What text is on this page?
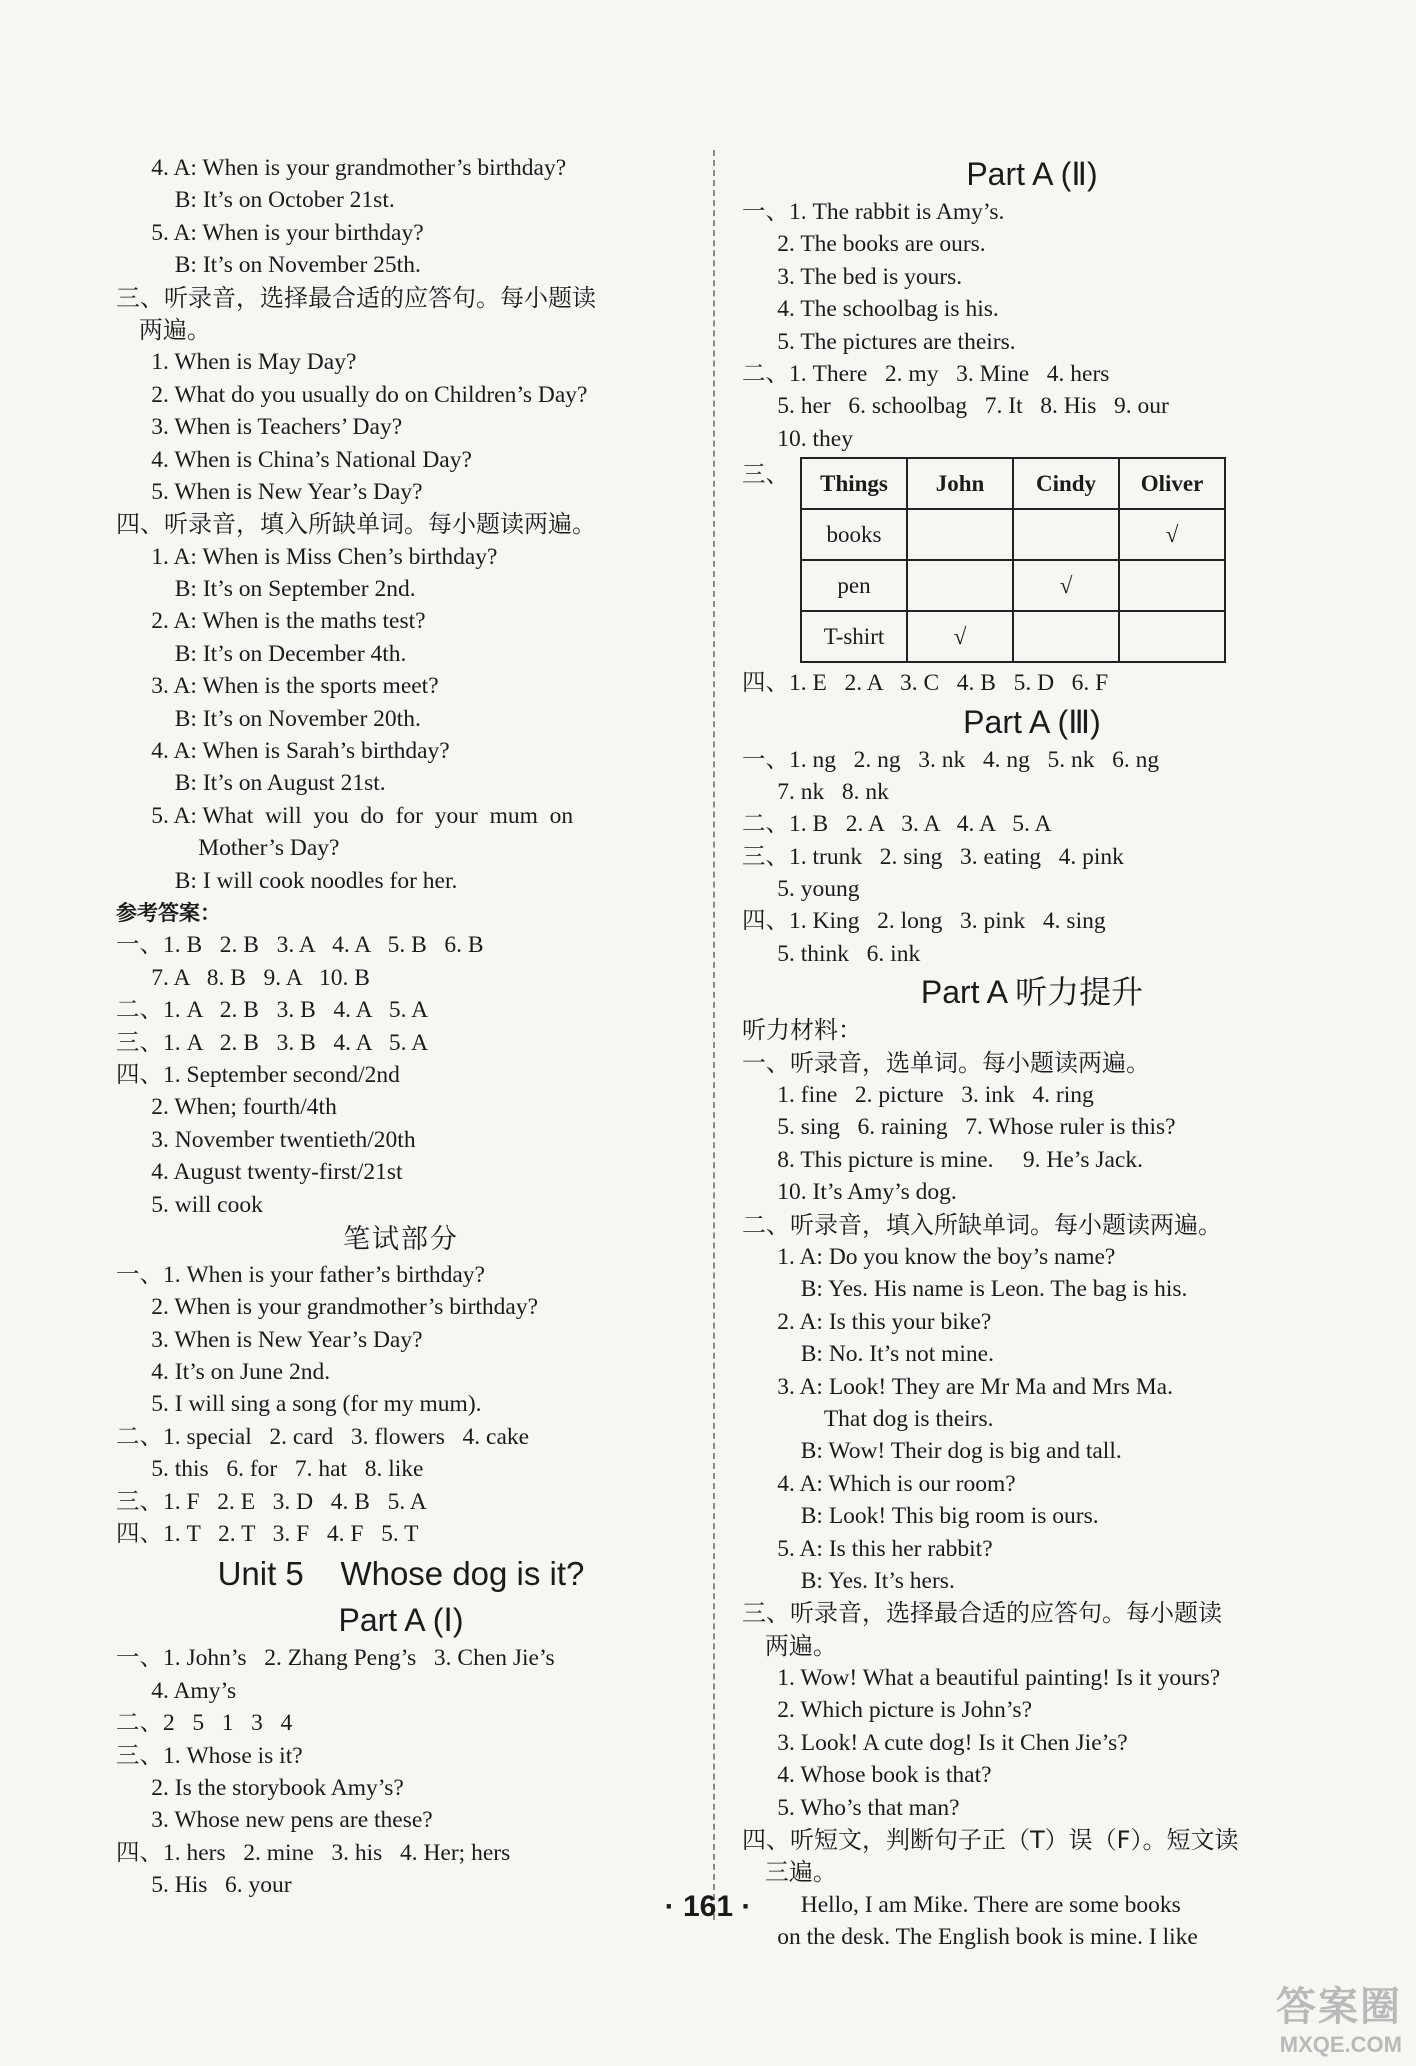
4. A: When is your grandmother’s birthday?
B: It’s on October 21st.
5. A: When is your birthday?
B: It’s on November 25th.
三、听录音，选择最合适的应答句。每小题读
两遍。
1. When is May Day?
2. What do you usually do on Children’s Day?
3. When is Teachers’ Day?
4. When is China’s National Day?
5. When is New Year’s Day?
四、听录音，填入所缺单词。每小题读两遍。
1. A: When is Miss Chen’s birthday?
B: It’s on September 2nd.
2. A: When is the maths test?
B: It’s on December 4th.
3. A: When is the sports meet?
B: It’s on November 20th.
4. A: When is Sarah’s birthday?
B: It’s on August 21st.
5. A: What  will  you  do  for  your  mum  on
Mother’s Day?
B: I will cook noodles for her.
参考答案：
一、1. B   2. B   3. A   4. A   5. B   6. B
7. A   8. B   9. A   10. B
二、1. A   2. B   3. B   4. A   5. A
三、1. A   2. B   3. B   4. A   5. A
四、1. September second/2nd
2. When; fourth/4th
3. November twentieth/20th
4. August twenty-first/21st
5. will cook
笔试部分
一、1. When is your father’s birthday?
2. When is your grandmother’s birthday?
3. When is New Year’s Day?
4. It’s on June 2nd.
5. I will sing a song (for my mum).
二、1. special   2. card   3. flowers   4. cake
5. this   6. for   7. hat   8. like
三、1. F   2. E   3. D   4. B   5. A
四、1. T   2. T   3. F   4. F   5. T
Unit 5    Whose dog is it?
Part A (Ⅰ)
一、1. John’s   2. Zhang Peng’s   3. Chen Jie’s
4. Amy’s
二、2   5   1   3   4
三、1. Whose is it?
2. Is the storybook Amy’s?
3. Whose new pens are these?
四、1. hers   2. mine   3. his   4. Her; hers
5. His   6. your
Part A (Ⅱ)
一、1. The rabbit is Amy’s.
2. The books are ours.
3. The bed is yours.
4. The schoolbag is his.
5. The pictures are theirs.
二、1. There   2. my   3. Mine   4. hers
5. her   6. schoolbag   7. It   8. His   9. our
10. they
三、 Things	John	Cindy	Oliver
books			√
pen		√	
T-shirt	√		
四、1. E   2. A   3. C   4. B   5. D   6. F
Part A (Ⅲ)
一、1. ng   2. ng   3. nk   4. ng   5. nk   6. ng
7. nk   8. nk
二、1. B   2. A   3. A   4. A   5. A
三、1. trunk   2. sing   3. eating   4. pink
5. young
四、1. King   2. long   3. pink   4. sing
5. think   6. ink
Part A 听力提升
听力材料：
一、听录音，选单词。每小题读两遍。
1. fine   2. picture   3. ink   4. ring
5. sing   6. raining   7. Whose ruler is this?
8. This picture is mine.     9. He’s Jack.
10. It’s Amy’s dog.
二、听录音，填入所缺单词。每小题读两遍。
1. A: Do you know the boy’s name?
B: Yes. His name is Leon. The bag is his.
2. A: Is this your bike?
B: No. It’s not mine.
3. A: Look! They are Mr Ma and Mrs Ma.
That dog is theirs.
B: Wow! Their dog is big and tall.
4. A: Which is our room?
B: Look! This big room is ours.
5. A: Is this her rabbit?
B: Yes. It’s hers.
三、听录音，选择最合适的应答句。每小题读
两遍。
1. Wow! What a beautiful painting! Is it yours?
2. Which picture is John’s?
3. Look! A cute dog! Is it Chen Jie’s?
4. Whose book is that?
5. Who’s that man?
四、听短文，判断句子正（T）误（F）。短文读
三遍。
Hello, I am Mike. There are some books
on the desk. The English book is mine. I like
· 161 ·
答案圈
MXQE.COM
